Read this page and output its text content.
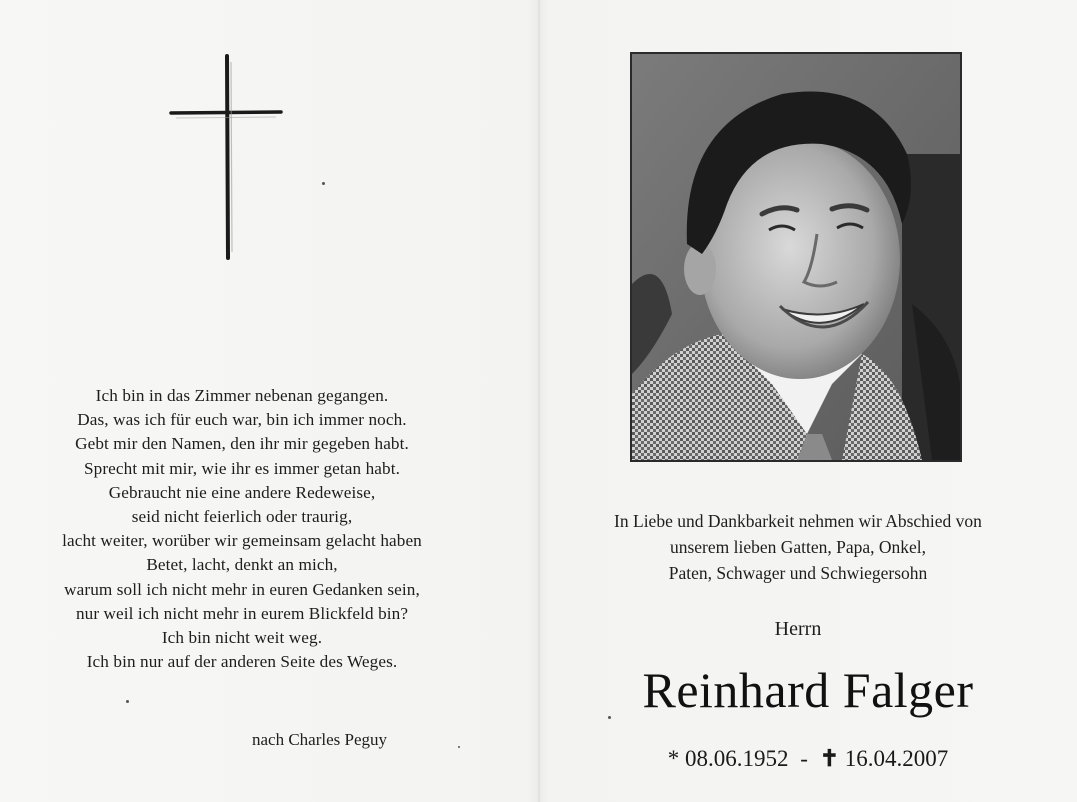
Ich bin in das Zimmer nebenan gegangen.
Das, was ich für euch war, bin ich immer noch.
Gebt mir den Namen, den ihr mir gegeben habt.
Sprecht mit mir, wie ihr es immer getan habt.
Gebraucht nie eine andere Redeweise,
seid nicht feierlich oder traurig,
lacht weiter, worüber wir gemeinsam gelacht haben
Betet, lacht, denkt an mich,
warum soll ich nicht mehr in euren Gedanken sein,
nur weil ich nicht mehr in eurem Blickfeld bin?
Ich bin nicht weit weg.
Ich bin nur auf der anderen Seite des Weges.
nach Charles Peguy
In Liebe und Dankbarkeit nehmen wir Abschied von
unserem lieben Gatten, Papa, Onkel,
Paten, Schwager und Schwiegersohn
Herrn
Reinhard Falger
* 08.06.1952 - ✝ 16.04.2007
